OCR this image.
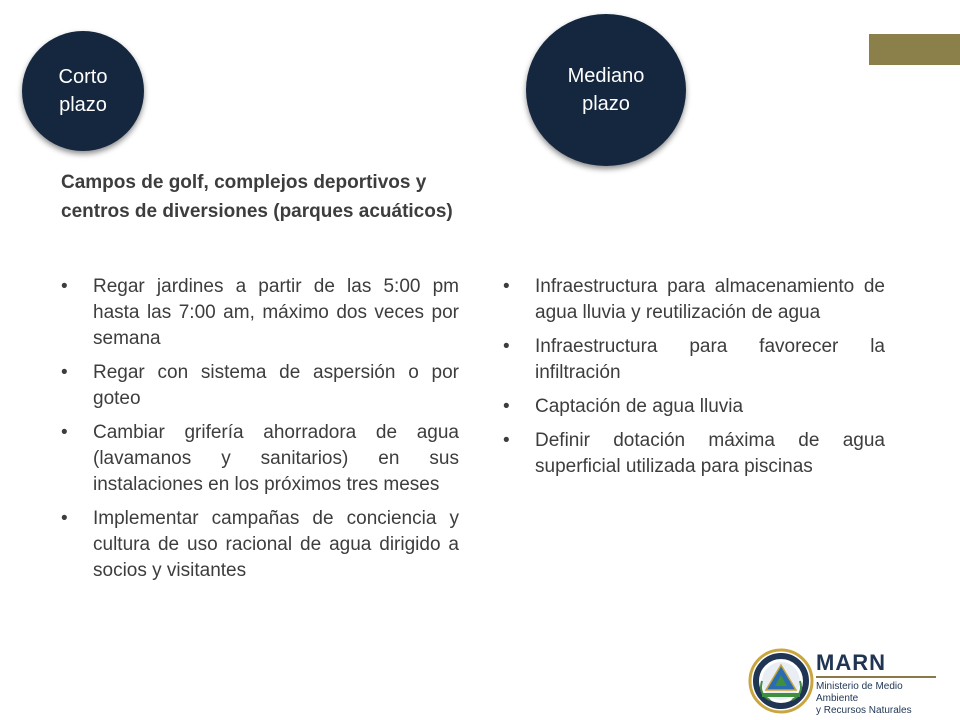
Corto
plazo
Mediano
plazo
Campos de golf, complejos deportivos y centros de diversiones (parques acuáticos)
• Regar jardines a partir de las 5:00 pm hasta las 7:00 am, máximo dos veces por semana
• Regar con sistema de aspersión o por goteo
• Cambiar grifería ahorradora de agua (lavamanos y sanitarios) en sus instalaciones en los próximos tres meses
• Implementar campañas de conciencia y cultura de uso racional de agua dirigido a socios y visitantes
• Infraestructura para almacenamiento de agua lluvia y reutilización de agua
• Infraestructura para favorecer la infiltración
• Captación de agua lluvia
• Definir dotación máxima de agua superficial utilizada para piscinas
MARN
Ministerio de Medio Ambiente
y Recursos Naturales
